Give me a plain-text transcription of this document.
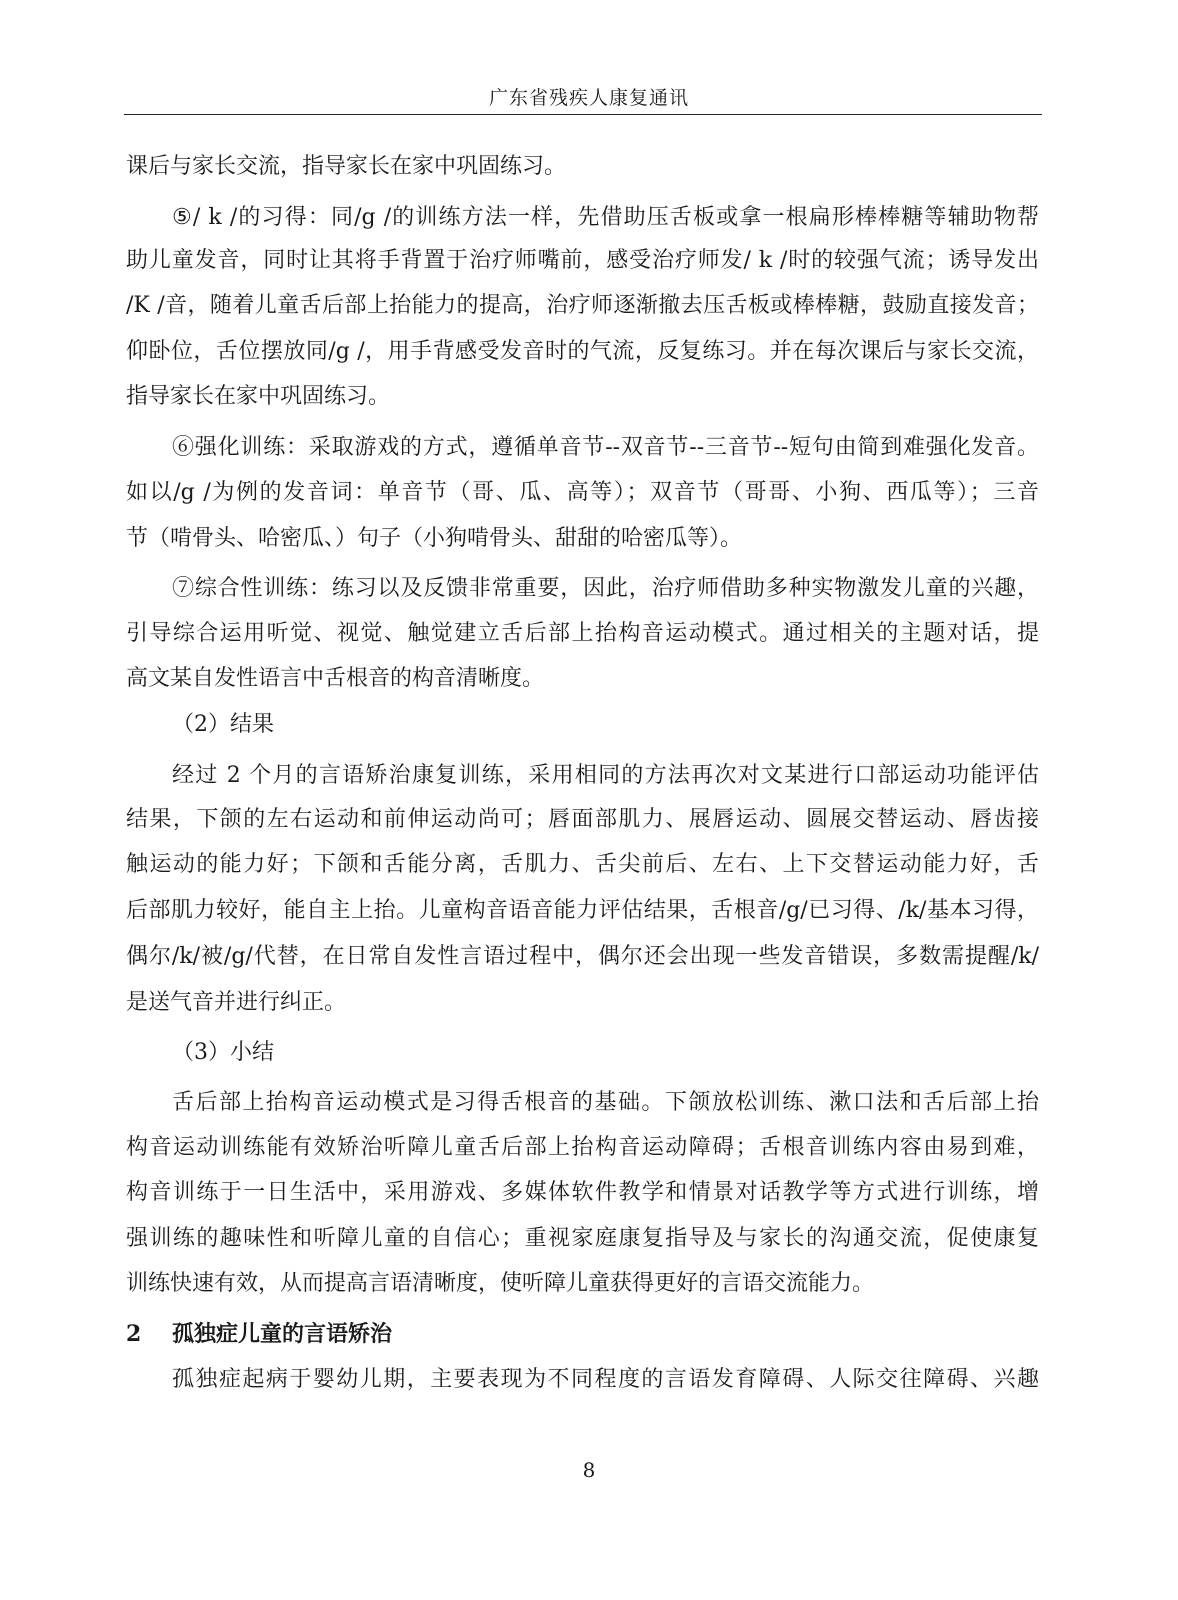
广东省残疾人康复通讯
课后与家长交流，指导家长在家中巩固练习。
⑤/ k /的习得：同/g /的训练方法一样，先借助压舌板或拿一根扁形棒棒糖等辅助物帮
助儿童发音，同时让其将手背置于治疗师嘴前，感受治疗师发/ k /时的较强气流；诱导发出
/K /音，随着儿童舌后部上抬能力的提高，治疗师逐渐撤去压舌板或棒棒糖，鼓励直接发音；
仰卧位，舌位摆放同/g /，用手背感受发音时的气流，反复练习。并在每次课后与家长交流，
指导家长在家中巩固练习。
⑥强化训练：采取游戏的方式，遵循单音节--双音节--三音节--短句由简到难强化发音。
如以/g /为例的发音词：单音节（哥、瓜、高等）；双音节（哥哥、小狗、西瓜等）；三音
节（啃骨头、哈密瓜、）句子（小狗啃骨头、甜甜的哈密瓜等）。
⑦综合性训练：练习以及反馈非常重要，因此，治疗师借助多种实物激发儿童的兴趣，
引导综合运用听觉、视觉、触觉建立舌后部上抬构音运动模式。通过相关的主题对话，提
高文某自发性语言中舌根音的构音清晰度。
（2）结果
经过 2 个月的言语矫治康复训练，采用相同的方法再次对文某进行口部运动功能评估
结果，下颌的左右运动和前伸运动尚可；唇面部肌力、展唇运动、圆展交替运动、唇齿接
触运动的能力好；下颌和舌能分离，舌肌力、舌尖前后、左右、上下交替运动能力好，舌
后部肌力较好，能自主上抬。儿童构音语音能力评估结果，舌根音/g/已习得、/k/基本习得，
偶尔/k/被/g/代替，在日常自发性言语过程中，偶尔还会出现一些发音错误，多数需提醒/k/
是送气音并进行纠正。
（3）小结
舌后部上抬构音运动模式是习得舌根音的基础。下颌放松训练、漱口法和舌后部上抬
构音运动训练能有效矫治听障儿童舌后部上抬构音运动障碍；舌根音训练内容由易到难，
构音训练于一日生活中，采用游戏、多媒体软件教学和情景对话教学等方式进行训练，增
强训练的趣味性和听障儿童的自信心；重视家庭康复指导及与家长的沟通交流，促使康复
训练快速有效，从而提高言语清晰度，使听障儿童获得更好的言语交流能力。
2 孤独症儿童的言语矫治
孤独症起病于婴幼儿期，主要表现为不同程度的言语发育障碍、人际交往障碍、兴趣
8
